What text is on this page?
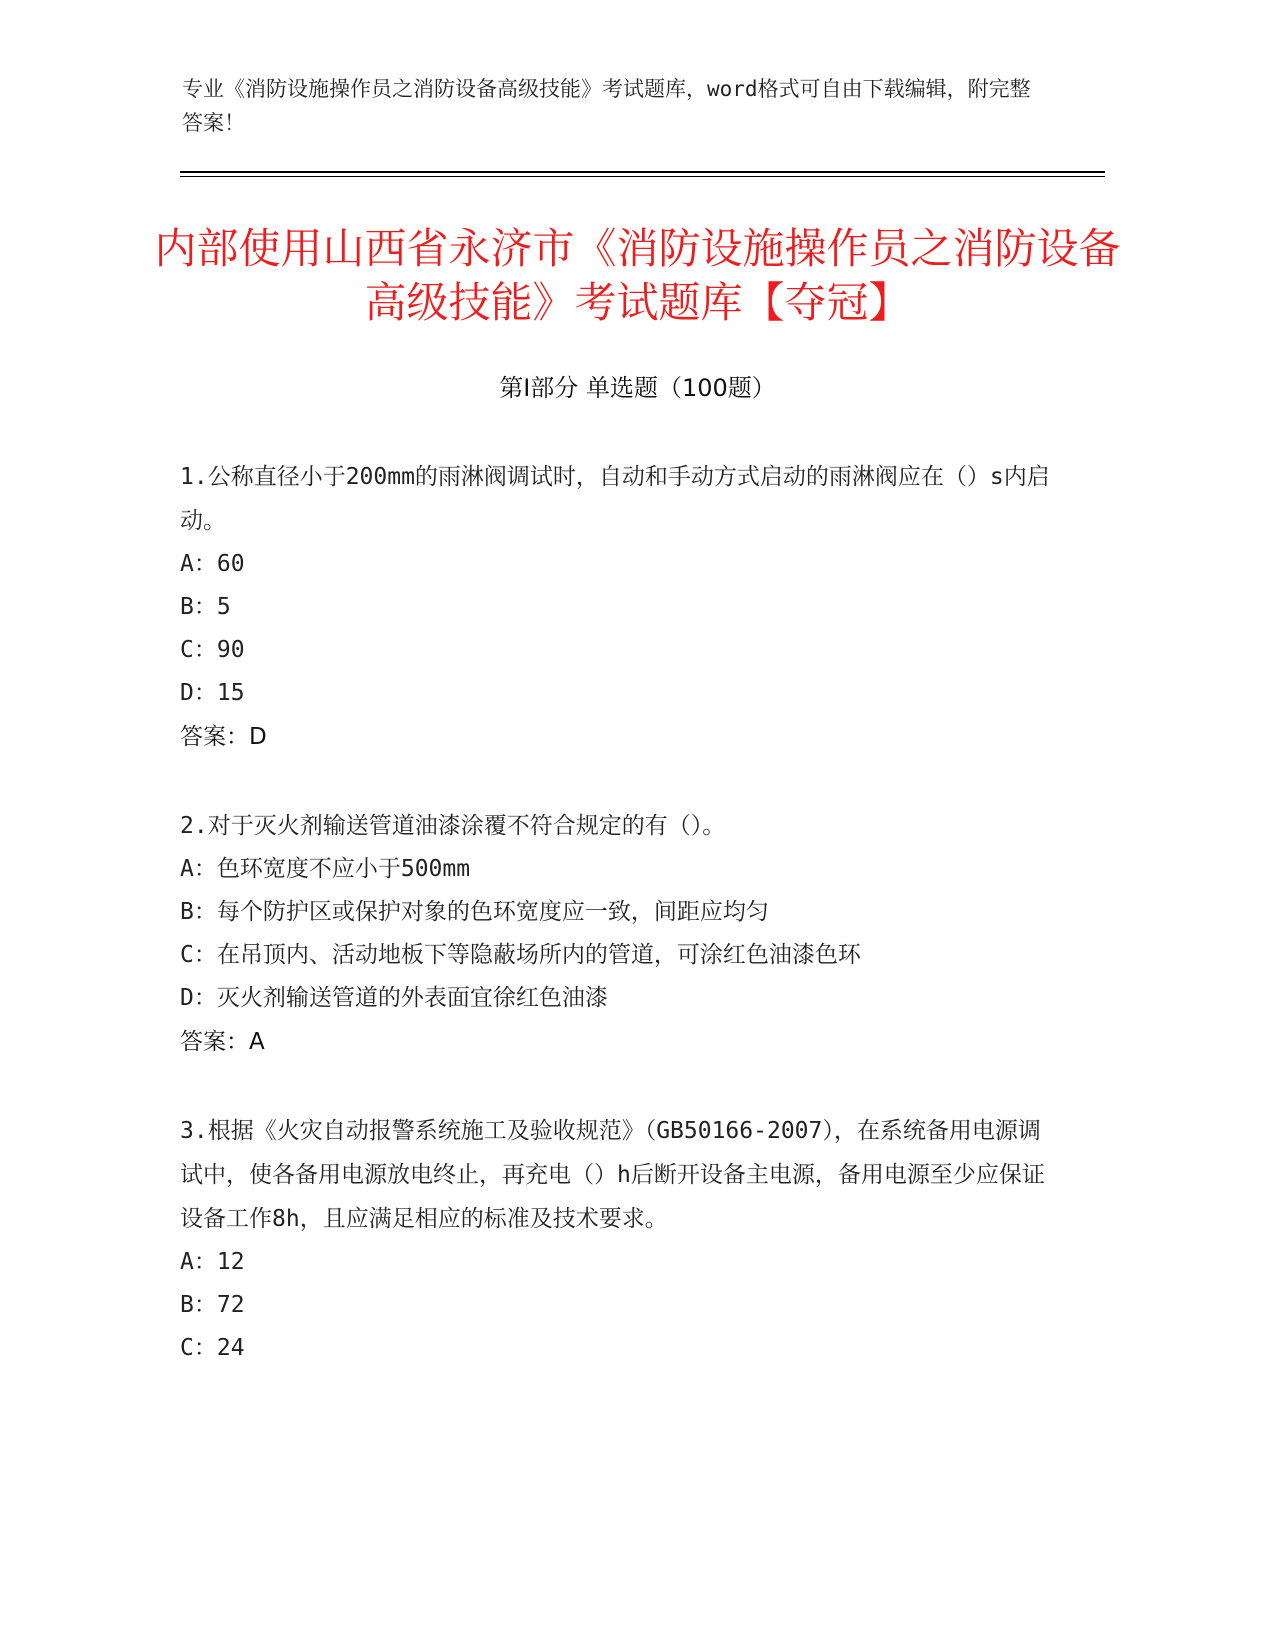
专业《消防设施操作员之消防设备高级技能》考试题库，word格式可自由下载编辑，附完整答案！
内部使用山西省永济市《消防设施操作员之消防设备高级技能》考试题库【夺冠】
第I部分 单选题（100题）

1.公称直径小于200mm的雨淋阀调试时，自动和手动方式启动的雨淋阀应在（）s内启动。

A：60

B：5

C：90

D：15

答案：D

2.对于灭火剂输送管道油漆涂覆不符合规定的有（）。

A：色环宽度不应小于500mm

B：每个防护区或保护对象的色环宽度应一致，间距应均匀

C：在吊顶内、活动地板下等隐蔽场所内的管道，可涂红色油漆色环

D：灭火剂输送管道的外表面宜徐红色油漆

答案：A

3.根据《火灾自动报警系统施工及验收规范》（GB50166-2007），在系统备用电源调试中，使各备用电源放电终止，再充电（）h后断开设备主电源，备用电源至少应保证设备工作8h，且应满足相应的标准及技术要求。

A：12

B：72

C：24
